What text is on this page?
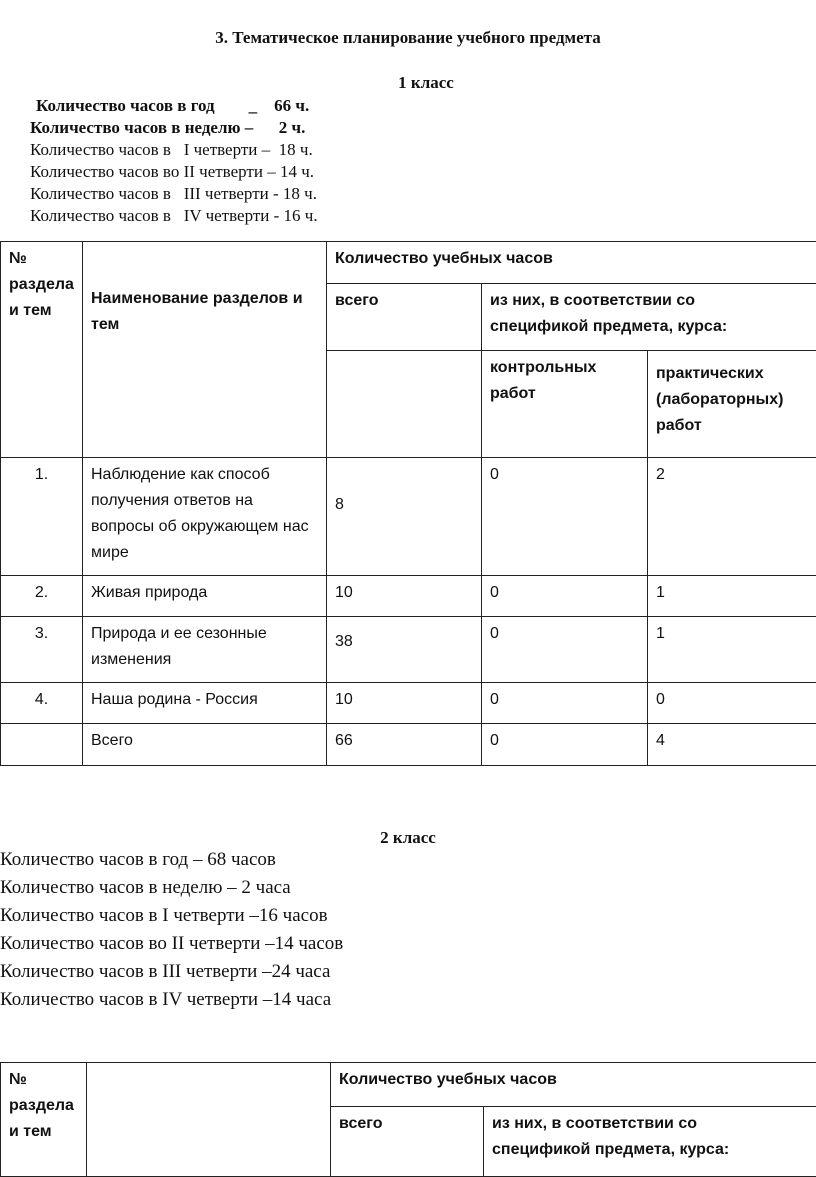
3. Тематическое планирование учебного предмета
1 класс
Количество часов в год        _    66 ч.
Количество часов в неделю –      2 ч.
Количество часов в   I четверти –  18 ч.
Количество часов во II четверти – 14 ч.
Количество часов в   III четверти - 18 ч.
Количество часов в   IV четверти - 16 ч.
№ раздела и тем	Наименование разделов и тем	Количество учебных часов		

		всего	из них, в соответствии со спецификой предмета, курса:	

			контрольных работ	практических (лабораторных) работ

1.	Наблюдение как способ получения ответов на вопросы об окружающем нас мире	8	0	2

2.	Живая природа	10	0	1

3.	Природа и ее сезонные изменения	38	0	1

4.	Наша родина - Россия	10	0	0

	Всего	66	0	4
2 класс
Количество часов в год – 68 часов
Количество часов в неделю – 2 часа
Количество часов в I четверти –16 часов
Количество часов во II четверти –14 часов
Количество часов в III четверти –24 часа
Количество часов в IV четверти –14 часа
№ раздела и тем		Количество учебных часов	

		всего	из них, в соответствии со спецификой предмета, курса:
